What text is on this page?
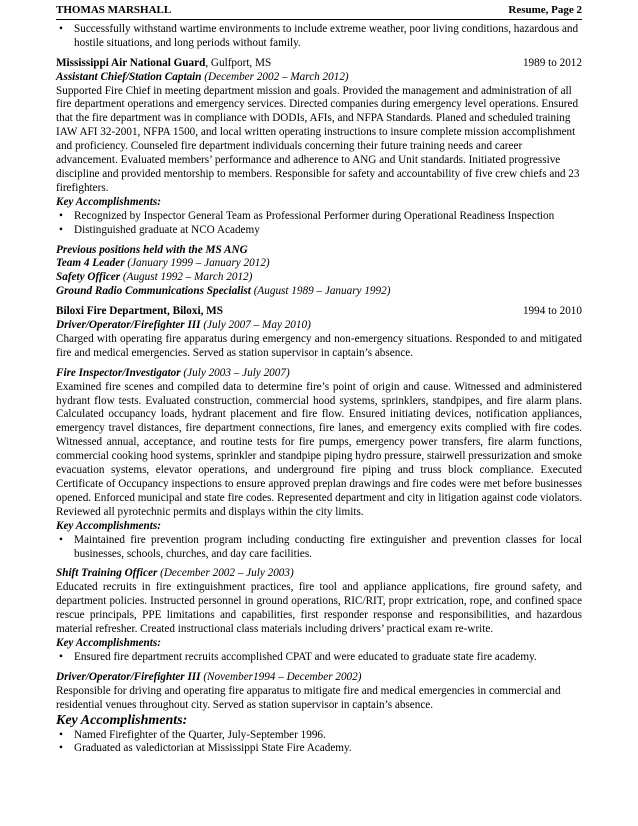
THOMAS MARSHALL	Resume, Page 2
• Successfully withstand wartime environments to include extreme weather, poor living conditions, hazardous and hostile situations, and long periods without family.
Mississippi Air National Guard, Gulfport, MS	1989 to 2012
Assistant Chief/Station Captain (December 2002 – March 2012)
Supported Fire Chief in meeting department mission and goals. Provided the management and administration of all fire department operations and emergency services. Directed companies during emergency level operations. Ensured that the fire department was in compliance with DODIs, AFIs, and NFPA Standards. Planed and scheduled training IAW AFI 32-2001, NFPA 1500, and local written operating instructions to insure complete mission accomplishment and proficiency. Counseled fire department individuals concerning their future training needs and career advancement. Evaluated members’ performance and adherence to ANG and Unit standards. Initiated progressive discipline and provided mentorship to members. Responsible for safety and accountability of five crew chiefs and 23 firefighters.
Key Accomplishments:
• Recognized by Inspector General Team as Professional Performer during Operational Readiness Inspection
• Distinguished graduate at NCO Academy
Previous positions held with the MS ANG
Team 4 Leader (January 1999 – January 2012)
Safety Officer (August 1992 – March 2012)
Ground Radio Communications Specialist (August 1989 – January 1992)
Biloxi Fire Department, Biloxi, MS	1994 to 2010
Driver/Operator/Firefighter III (July 2007 – May 2010)
Charged with operating fire apparatus during emergency and non-emergency situations. Responded to and mitigated fire and medical emergencies. Served as station supervisor in captain’s absence.
Fire Inspector/Investigator (July 2003 – July 2007)
Examined fire scenes and compiled data to determine fire’s point of origin and cause. Witnessed and administered hydrant flow tests. Evaluated construction, commercial hood systems, sprinklers, standpipes, and fire alarm plans. Calculated occupancy loads, hydrant placement and fire flow. Ensured initiating devices, notification appliances, emergency travel distances, fire department connections, fire lanes, and emergency exits complied with fire codes. Witnessed annual, acceptance, and routine tests for fire pumps, emergency power transfers, fire alarm functions, commercial cooking hood systems, sprinkler and standpipe piping hydro pressure, stairwell pressurization and smoke evacuation systems, elevator operations, and underground fire piping and truss block compliance. Executed Certificate of Occupancy inspections to ensure approved preplan drawings and fire codes were met before businesses opened. Enforced municipal and state fire codes. Represented department and city in litigation against code violators. Reviewed all pyrotechnic permits and displays within the city limits.
Key Accomplishments:
• Maintained fire prevention program including conducting fire extinguisher and prevention classes for local businesses, schools, churches, and day care facilities.
Shift Training Officer (December 2002 – July 2003)
Educated recruits in fire extinguishment practices, fire tool and appliance applications, fire ground safety, and department policies. Instructed personnel in ground operations, RIC/RIT, propr extrication, rope, and confined space rescue principals, PPE limitations and capabilities, first responder response and responsibilities, and hazardous material refresher. Created instructional class materials including drivers’ practical exam re-write.
Key Accomplishments:
• Ensured fire department recruits accomplished CPAT and were educated to graduate state fire academy.
Driver/Operator/Firefighter III (November1994 – December 2002)
Responsible for driving and operating fire apparatus to mitigate fire and medical emergencies in commercial and residential venues throughout city. Served as station supervisor in captain’s absence.
Key Accomplishments:
• Named Firefighter of the Quarter, July-September 1996.
• Graduated as valedictorian at Mississippi State Fire Academy.
